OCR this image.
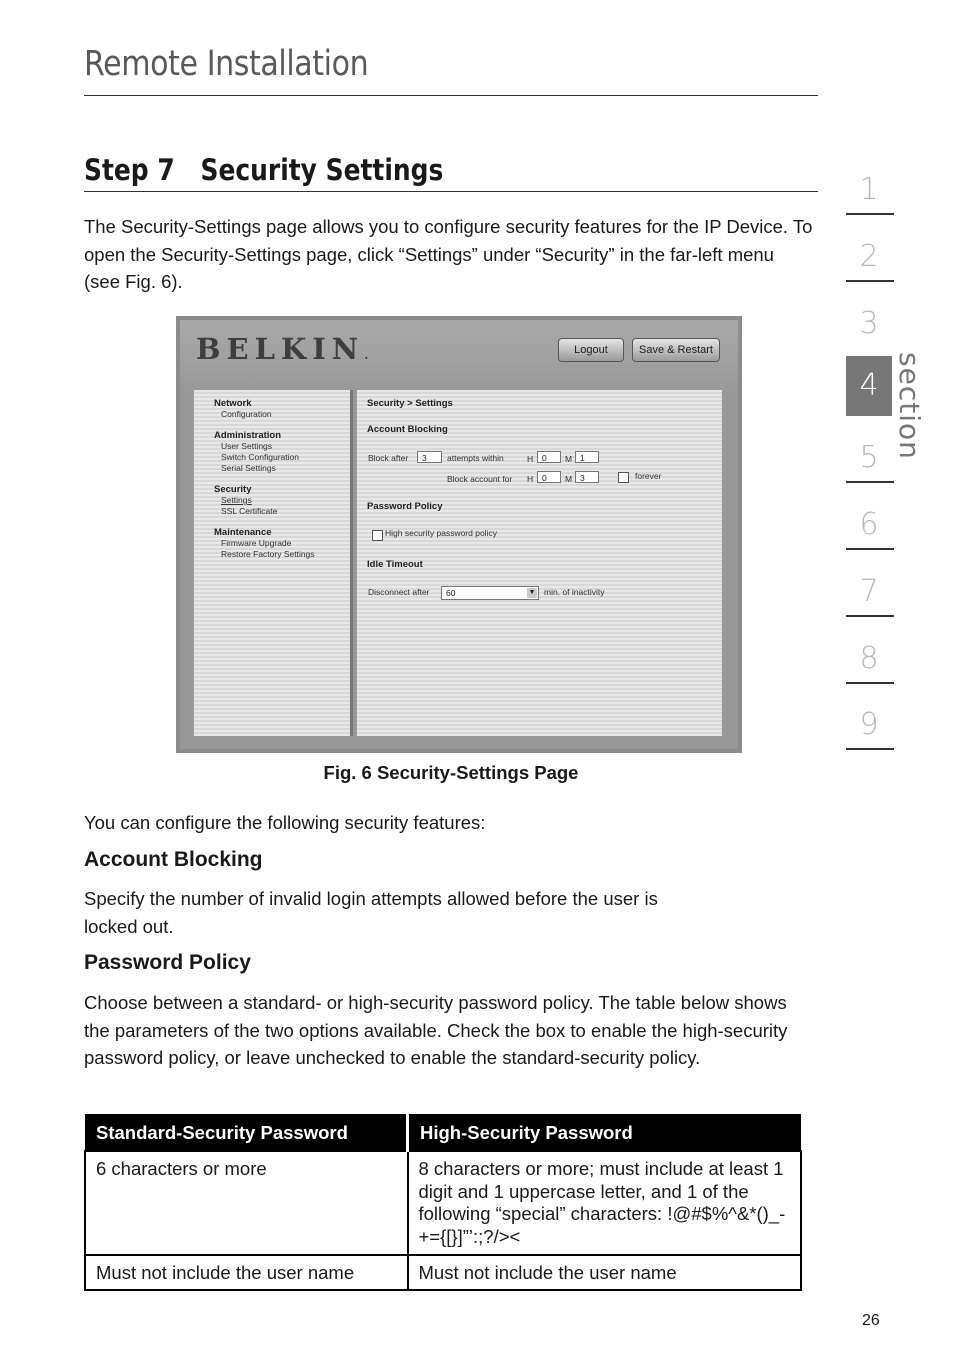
Remote Installation
Step 7 Security Settings
The Security-Settings page allows you to configure security features for the IP Device. To open the Security-Settings page, click “Settings” under “Security” in the far-left menu (see Fig. 6).
BELKIN.	Logout	Save & Restart
Network
Configuration
Administration
User Settings
Switch Configuration
Serial Settings
Security
Settings
SSL Certificate
Maintenance
Firmware Upgrade
Restore Factory Settings
Security > Settings
Account Blocking
Block after	3	attempts within	H	0	M 1
Block account for H	0	M 3	forever
Password Policy
High security password policy
Idle Timeout
Disconnect after	60	▼ min. of inactivity
Fig. 6 Security-Settings Page
You can configure the following security features:
Account Blocking
Specify the number of invalid login attempts allowed before the user is
locked out.
Password Policy
Choose between a standard- or high-security password policy. The table below shows the parameters of the two options available. Check the box to enable the high-security password policy, or leave unchecked to enable the standard-security policy.
Standard-Security Password	High-Security Password
6 characters or more	8 characters or more; must include at least 1 digit and 1 uppercase letter, and 1 of the following “special” characters: !@#$%^&*()_-+={[}]”’:;?/><
Must not include the user name	Must not include the user name
1
2
3
4
5
6
7
8
9
section
26
